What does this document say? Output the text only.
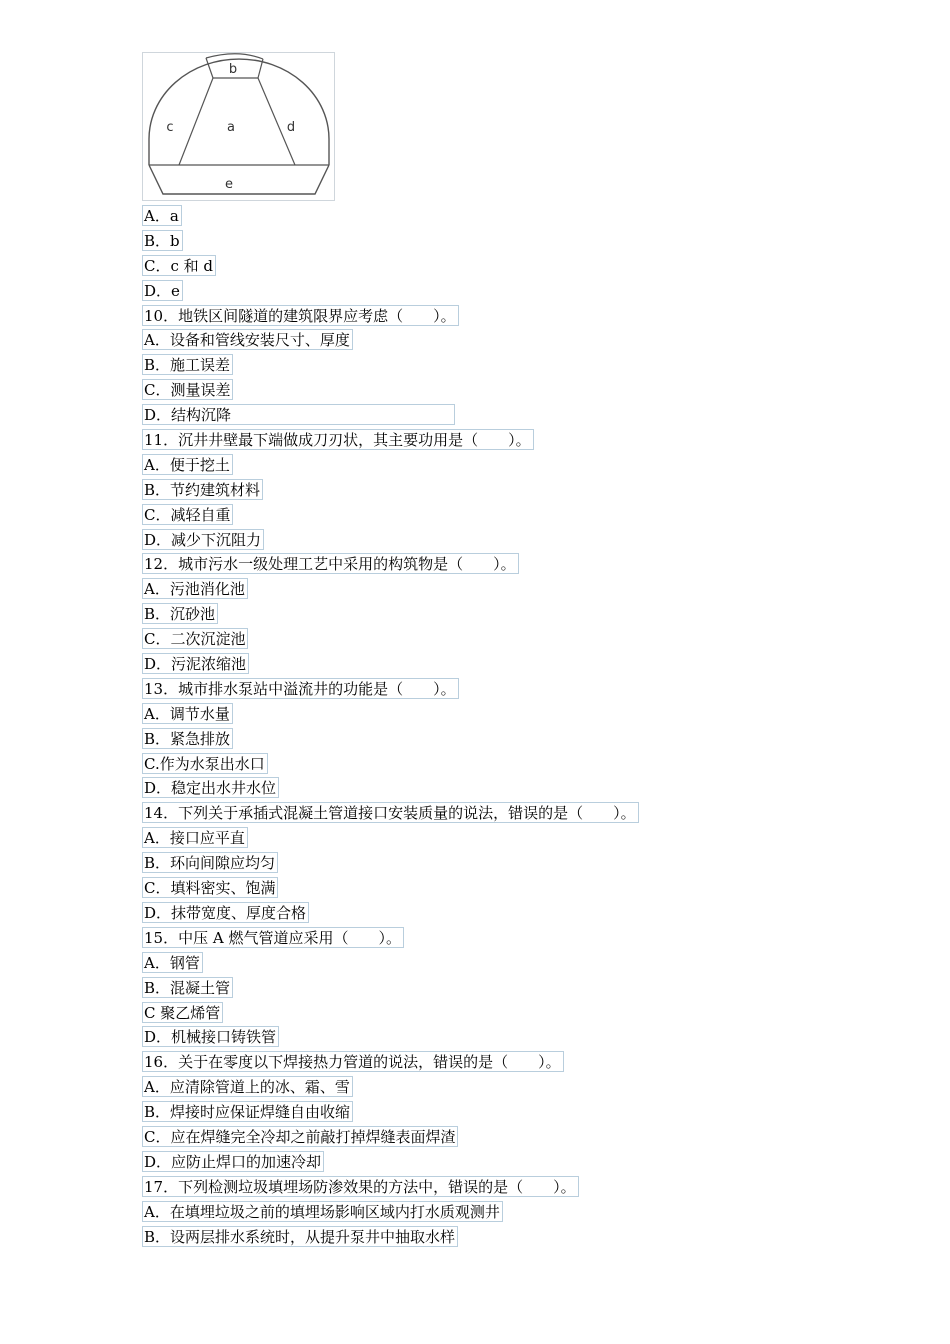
b
c	a	d
e
A．a
B．b
C．c 和 d
D．e
10．地铁区间隧道的建筑限界应考虑（　　）。
A．设备和管线安装尺寸、厚度
B．施工误差
C．测量误差
D．结构沉降
11．沉井井壁最下端做成刀刃状，其主要功用是（　　）。
A．便于挖土
B．节约建筑材料
C．减轻自重
D．减少下沉阻力
12．城市污水一级处理工艺中采用的构筑物是（　　）。
A．污池消化池
B．沉砂池
C．二次沉淀池
D．污泥浓缩池
13．城市排水泵站中溢流井的功能是（　　）。
A．调节水量
B．紧急排放
C.作为水泵出水口
D．稳定出水井水位
14．下列关于承插式混凝土管道接口安装质量的说法，错误的是（　　）。
A．接口应平直
B．环向间隙应均匀
C．填料密实、饱满
D．抹带宽度、厚度合格
15．中压 A 燃气管道应采用（　　）。
A．钢管
B．混凝土管
C 聚乙烯管
D．机械接口铸铁管
16．关于在零度以下焊接热力管道的说法，错误的是（　　）。
A．应清除管道上的冰、霜、雪
B．焊接时应保证焊缝自由收缩
C．应在焊缝完全冷却之前敲打掉焊缝表面焊渣
D．应防止焊口的加速冷却
17．下列检测垃圾填埋场防渗效果的方法中，错误的是（　　）。
A．在填埋垃圾之前的填埋场影响区域内打水质观测井
B．设两层排水系统时，从提升泵井中抽取水样
